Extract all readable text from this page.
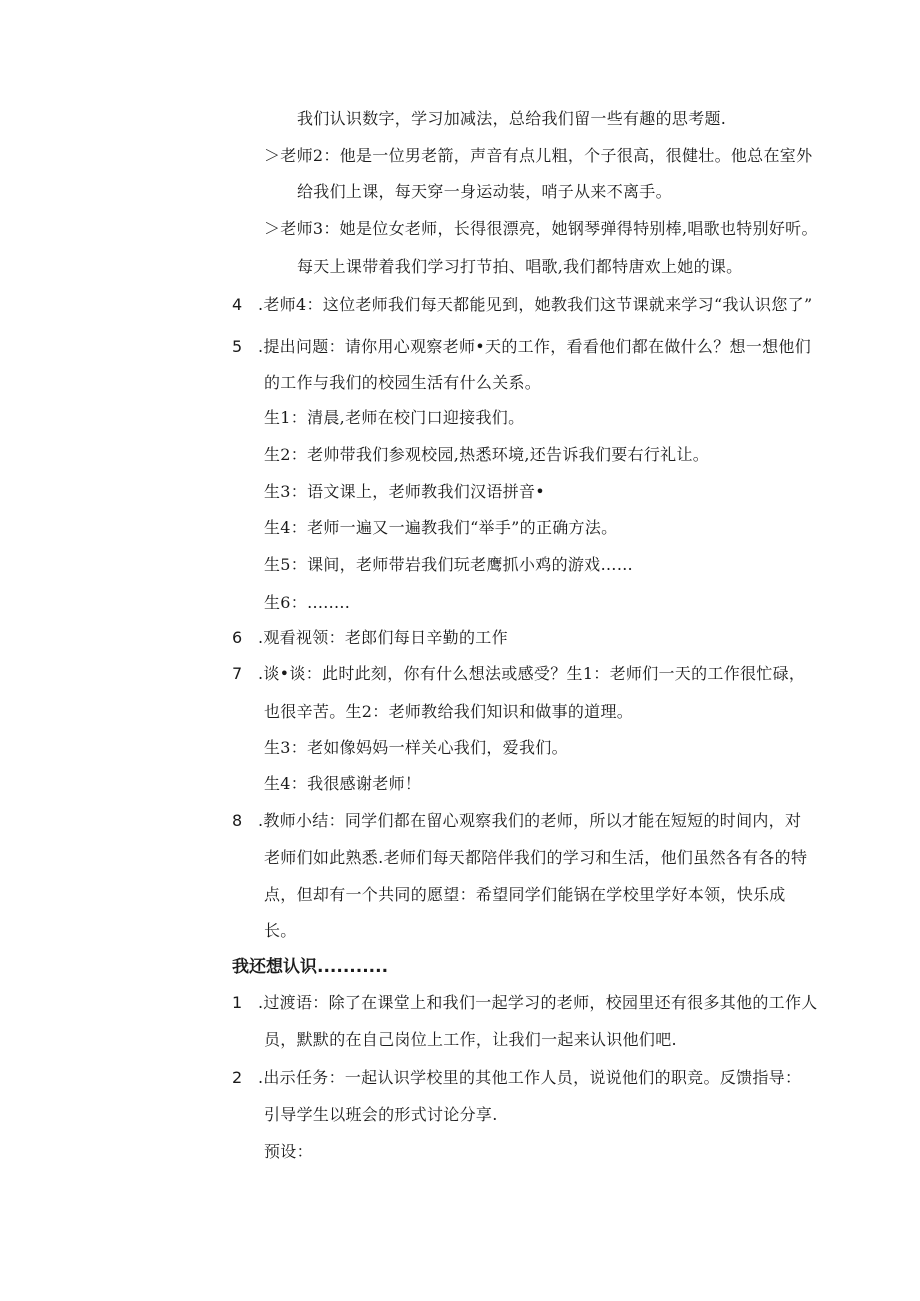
我们认识数字，学习加减法，总给我们留一些有趣的思考题.
＞老师2：他是一位男老箭，声音有点儿粗，个子很高，很健壮。他总在室外
给我们上课，每天穿一身运动装，哨子从来不离手。
＞老师3：她是位女老师，长得很漂亮，她钢琴弹得特别棒,唱歌也特别好听。
每天上课带着我们学习打节拍、唱歌,我们都特唐欢上她的课。
4 .老师4：这位老师我们每天都能见到，她教我们这节课就来学习“我认识您了”
5 .提出问题：请你用心观察老师•天的工作，看看他们都在做什么？想一想他们
的工作与我们的校园生活有什么关系。
生1：清晨,老师在校门口迎接我们。
生2：老帅带我们参观校园,热悉环境,还告诉我们要右行礼让。
生3：语文课上，老师教我们汉语拼音•
生4：老师一遍又一遍教我们“举手”的正确方法。
生5：课间，老师带岩我们玩老鹰抓小鸡的游戏……
生6：........
6 .观看视领：老郎们每日辛勤的工作
7 .谈•谈：此时此刻，你有什么想法或感受？生1：老师们一天的工作很忙碌，
也很辛苦。生2：老师教给我们知识和做事的道理。
生3：老如像妈妈一样关心我们，爱我们。
生4：我很感谢老师！
8 .教师小结：同学们都在留心观察我们的老师，所以才能在短短的时间内，对
老师们如此熟悉.老师们每天都陪伴我们的学习和生活，他们虽然各有各的特
点，但却有一个共同的愿望：希望同学们能锅在学校里学好本领，快乐成
长。
我还想认识...........
1 .过渡语：除了在课堂上和我们一起学习的老师，校园里还有很多其他的工作人
员，默默的在自己岗位上工作，让我们一起来认识他们吧.
2 .出示任务：一起认识学校里的其他工作人员，说说他们的职竞。反馈指导：
引导学生以班会的形式讨论分享.
预设：
